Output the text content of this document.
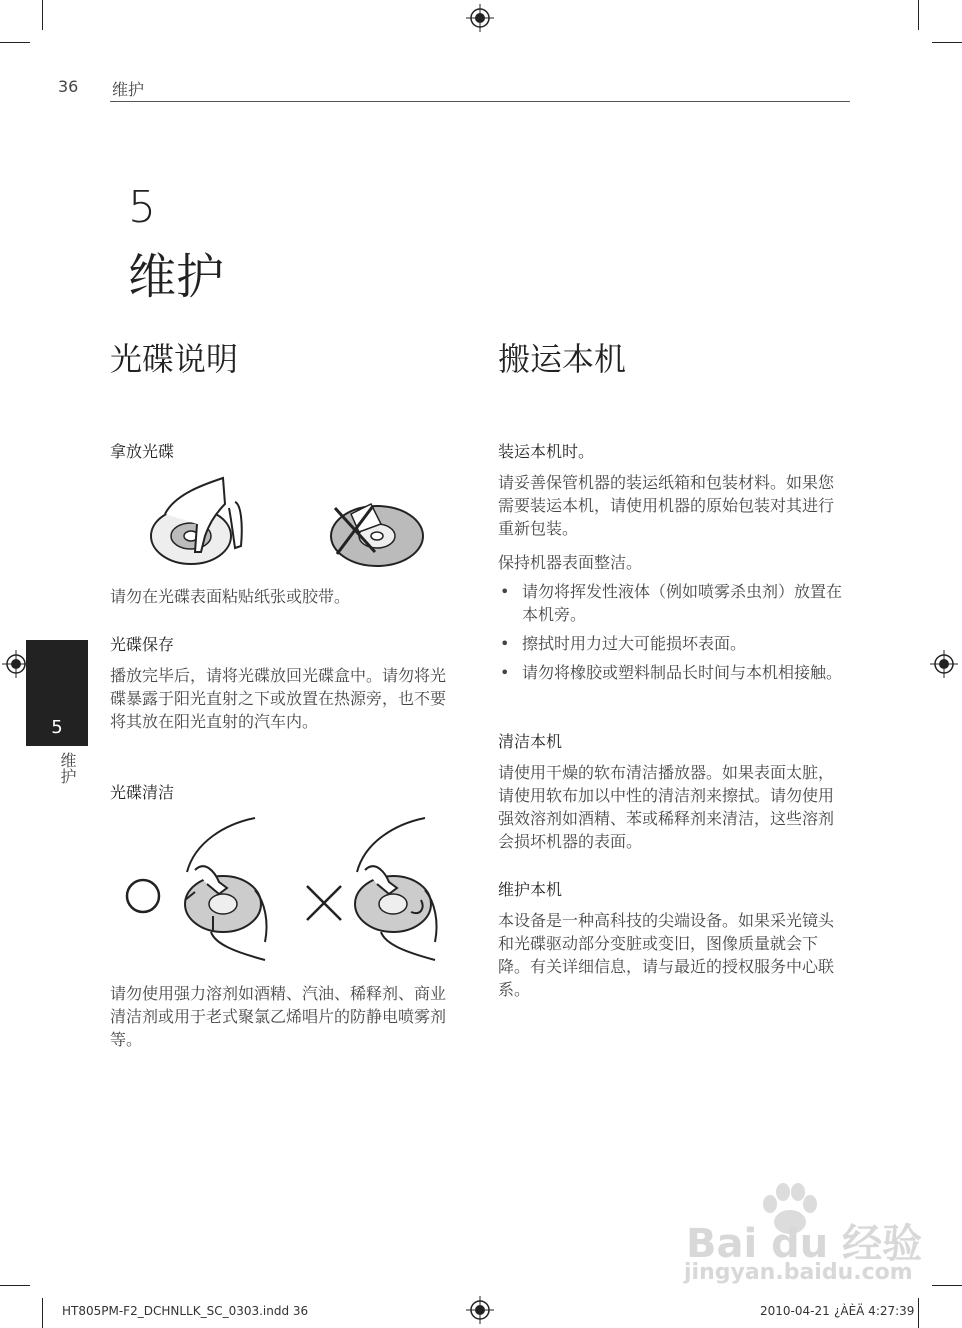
36 维护
5
维护
光碟说明
拿放光碟
请勿在光碟表面粘贴纸张或胶带。
光碟保存
播放完毕后，请将光碟放回光碟盒中。请勿将光碟暴露于阳光直射之下或放置在热源旁，也不要将其放在阳光直射的汽车内。
光碟清洁
请勿使用强力溶剂如酒精、汽油、稀释剂、商业清洁剂或用于老式聚氯乙烯唱片的防静电喷雾剂等。
搬运本机
装运本机时。
请妥善保管机器的装运纸箱和包装材料。如果您需要装运本机，请使用机器的原始包装对其进行重新包装。
保持机器表面整洁。
• 请勿将挥发性液体（例如喷雾杀虫剂）放置在本机旁。
• 擦拭时用力过大可能损坏表面。
• 请勿将橡胶或塑料制品长时间与本机相接触。
清洁本机
请使用干燥的软布清洁播放器。如果表面太脏，请使用软布加以中性的清洁剂来擦拭。请勿使用强效溶剂如酒精、苯或稀释剂来清洁，这些溶剂会损坏机器的表面。
维护本机
本设备是一种高科技的尖端设备。如果采光镜头和光碟驱动部分变脏或变旧，图像质量就会下降。有关详细信息，请与最近的授权服务中心联系。
5
维护
Bai du 经验
jingyan.baidu.com
HT805PM-F2_DCHNLLK_SC_0303.indd 36	2010-04-21 ¿ÀÈÄ 4:27:39
